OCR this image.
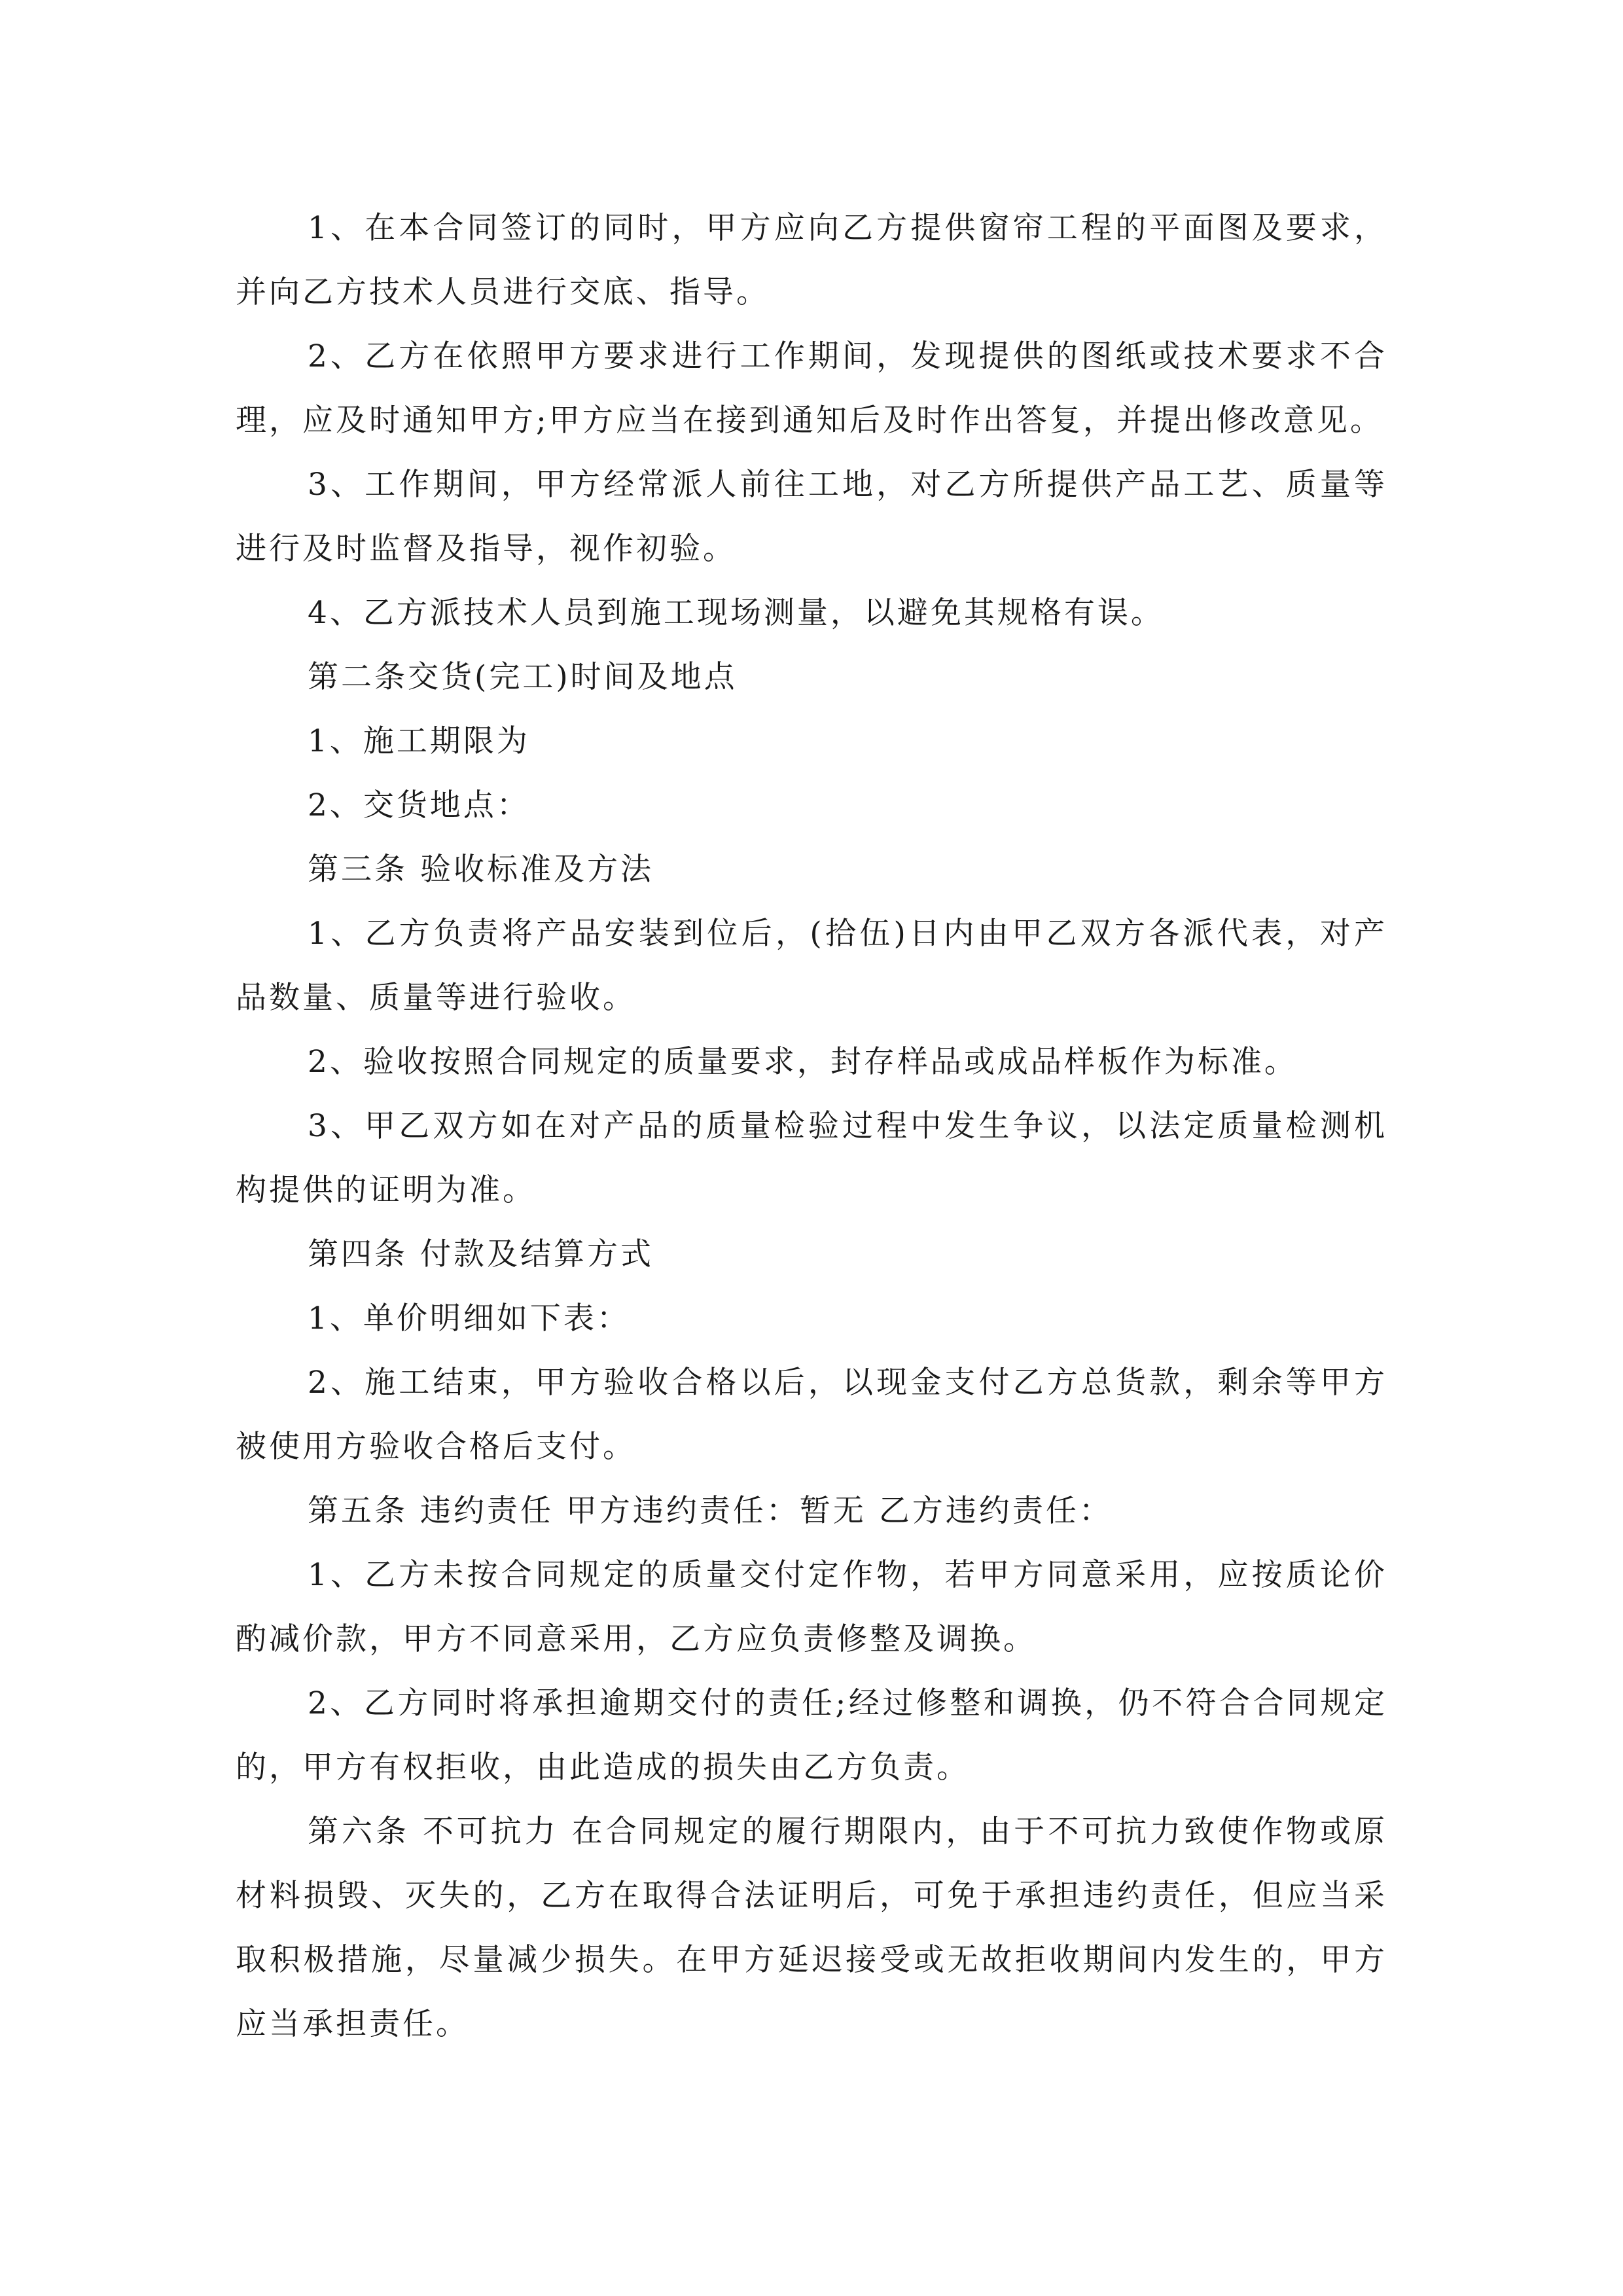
1、在本合同签订的同时，甲方应向乙方提供窗帘工程的平面图及要求，并向乙方技术人员进行交底、指导。

2、乙方在依照甲方要求进行工作期间，发现提供的图纸或技术要求不合理，应及时通知甲方;甲方应当在接到通知后及时作出答复，并提出修改意见。

3、工作期间，甲方经常派人前往工地，对乙方所提供产品工艺、质量等进行及时监督及指导，视作初验。

4、乙方派技术人员到施工现场测量，以避免其规格有误。

第二条交货(完工)时间及地点

1、施工期限为

2、交货地点：

第三条 验收标准及方法

1、乙方负责将产品安装到位后，(拾伍)日内由甲乙双方各派代表，对产品数量、质量等进行验收。

2、验收按照合同规定的质量要求，封存样品或成品样板作为标准。

3、甲乙双方如在对产品的质量检验过程中发生争议，以法定质量检测机构提供的证明为准。

第四条 付款及结算方式

1、单价明细如下表：

2、施工结束，甲方验收合格以后，以现金支付乙方总货款，剩余等甲方被使用方验收合格后支付。

第五条 违约责任 甲方违约责任：暂无 乙方违约责任：

1、乙方未按合同规定的质量交付定作物，若甲方同意采用，应按质论价酌减价款，甲方不同意采用，乙方应负责修整及调换。

2、乙方同时将承担逾期交付的责任;经过修整和调换，仍不符合合同规定的，甲方有权拒收，由此造成的损失由乙方负责。

第六条 不可抗力 在合同规定的履行期限内，由于不可抗力致使作物或原材料损毁、灭失的，乙方在取得合法证明后，可免于承担违约责任，但应当采取积极措施，尽量减少损失。在甲方延迟接受或无故拒收期间内发生的，甲方应当承担责任。
